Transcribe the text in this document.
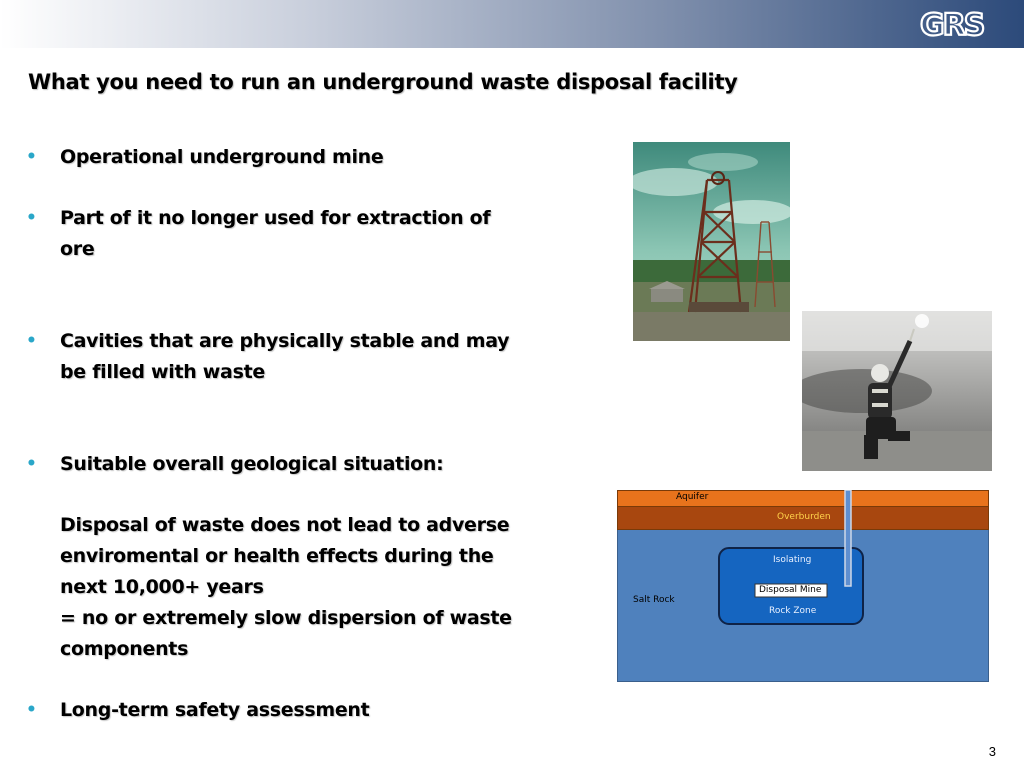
GRS
What you need to run an underground waste disposal facility
•	Operational underground mine
•	Part of it no longer used for extraction of
ore
•	Cavities that are physically stable and may
be filled with waste
•	Suitable overall geological situation:
Disposal of waste does not lead to adverse
enviromental or health effects during the
next 10,000+ years
= no or extremely slow dispersion of waste
components
•	Long-term safety assessment
Aquifer
Overburden
Salt Rock
Isolating
Disposal Mine
Rock Zone
3
